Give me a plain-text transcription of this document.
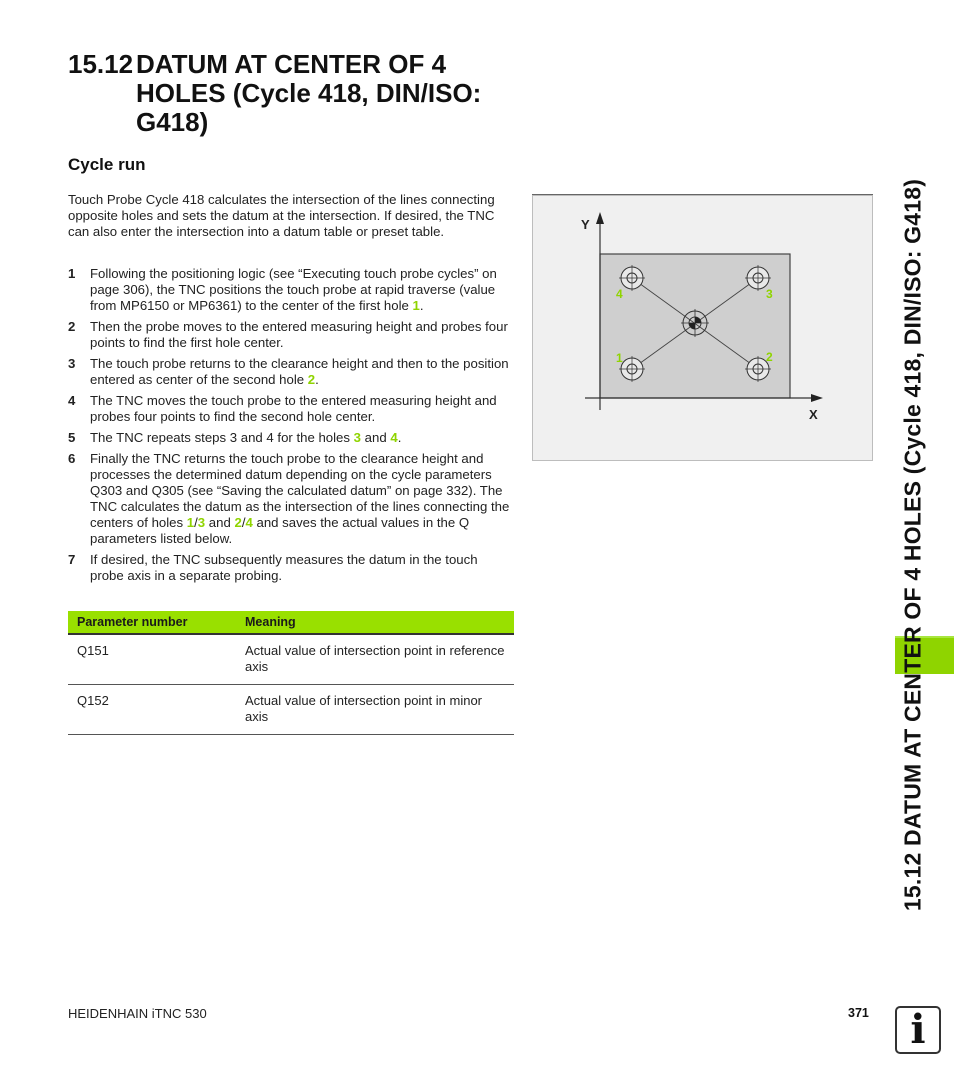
15.12 DATUM AT CENTER OF 4 HOLES (Cycle 418, DIN/ISO: G418)
Cycle run
Touch Probe Cycle 418 calculates the intersection of the lines connecting opposite holes and sets the datum at the intersection. If desired, the TNC can also enter the intersection into a datum table or preset table.
1 Following the positioning logic (see “Executing touch probe cycles” on page 306), the TNC positions the touch probe at rapid traverse (value from MP6150 or MP6361) to the center of the first hole 1.
2 Then the probe moves to the entered measuring height and probes four points to find the first hole center.
3 The touch probe returns to the clearance height and then to the position entered as center of the second hole 2.
4 The TNC moves the touch probe to the entered measuring height and probes four points to find the second hole center.
5 The TNC repeats steps 3 and 4 for the holes 3 and 4.
6 Finally the TNC returns the touch probe to the clearance height and processes the determined datum depending on the cycle parameters Q303 and Q305 (see “Saving the calculated datum” on page 332). The TNC calculates the datum as the intersection of the lines connecting the centers of holes 1/3 and 2/4 and saves the actual values in the Q parameters listed below.
7 If desired, the TNC subsequently measures the datum in the touch probe axis in a separate probing.
Parameter number	Meaning
Q151	Actual value of intersection point in reference axis
Q152	Actual value of intersection point in minor axis
Y
X
4	3
1	2	15.12 DATUM AT CENTER OF 4 HOLES (Cycle 418, DIN/ISO: G418)
HEIDENHAIN iTNC 530	371	i
